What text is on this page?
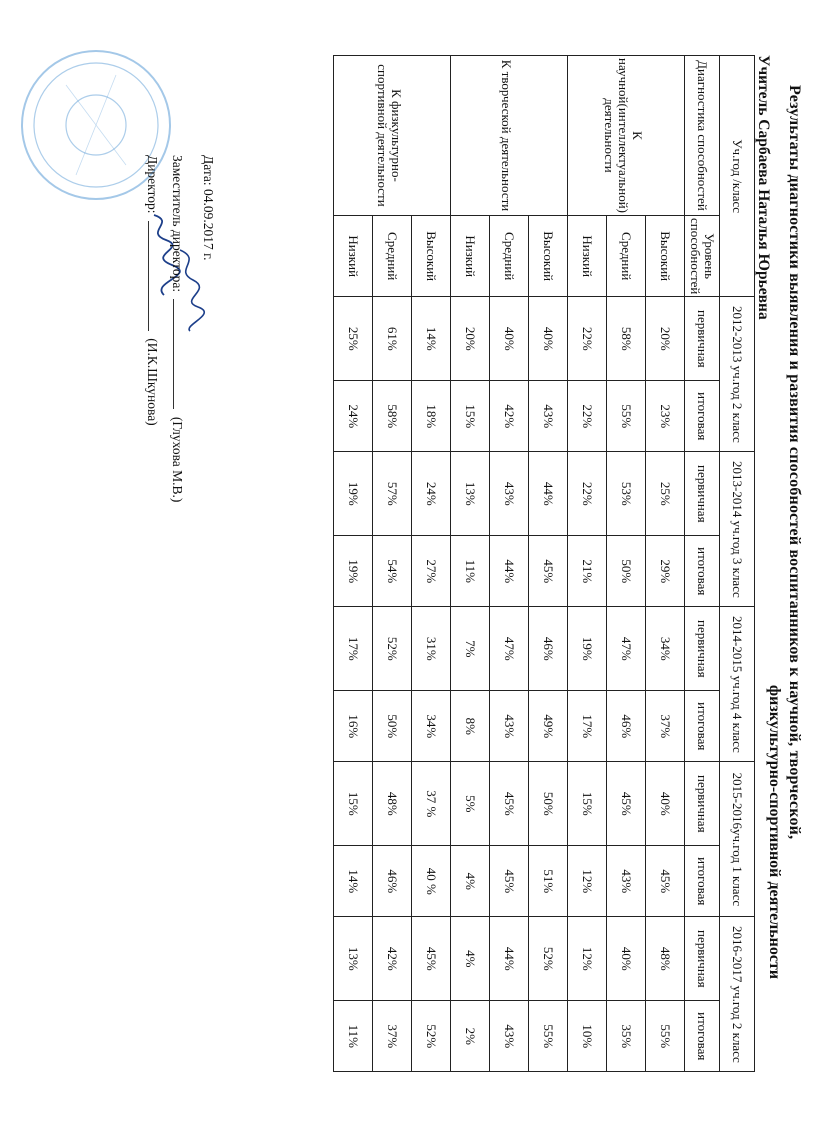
Результаты диагностики выявления и развития способностей воспитанников к научной, творческой,
физкультурно-спортивной деятельности
Учитель Сарбаева Наталья Юрьевна
Уч.год /класс		2012-2013 уч.год 2 класс		2013-2014 уч.год 3 класс		2014-2015 уч.год 4 класс		2015-2016уч.год 1 класс		2016-2017 уч.год 2 класс	
Диагностика способностей	Уровень способностей	первичная	итоговая	первичная	итоговая	первичная	итоговая	первичная	итоговая	первичная	итоговая
К научной(интеллектуальной) деятельности	Высокий	20%	23%	25%	29%	34%	37%	40%	45%	48%	55%
	Средний	58%	55%	53%	50%	47%	46%	45%	43%	40%	35%
	Низкий	22%	22%	22%	21%	19%	17%	15%	12%	12%	10%
К творческой деятельности	Высокий	40%	43%	44%	45%	46%	49%	50%	51%	52%	55%
	Средний	40%	42%	43%	44%	47%	43%	45%	45%	44%	43%
	Низкий	20%	15%	13%	11%	7%	8%	5%	4%	4%	2%
К физкультурно-спортивной деятельности	Высокий	14%	18%	24%	27%	31%	34%	37 %	40 %	45%	52%
	Средний	61%	58%	57%	54%	52%	50%	48%	46%	42%	37%
	Низкий	25%	24%	19%	19%	17%	16%	15%	14%	13%	11%
Дата: 04.09.2017 г.
Заместитель директора:  (Глухова М.В.)
Директор:  (И.К.Шкунова)
